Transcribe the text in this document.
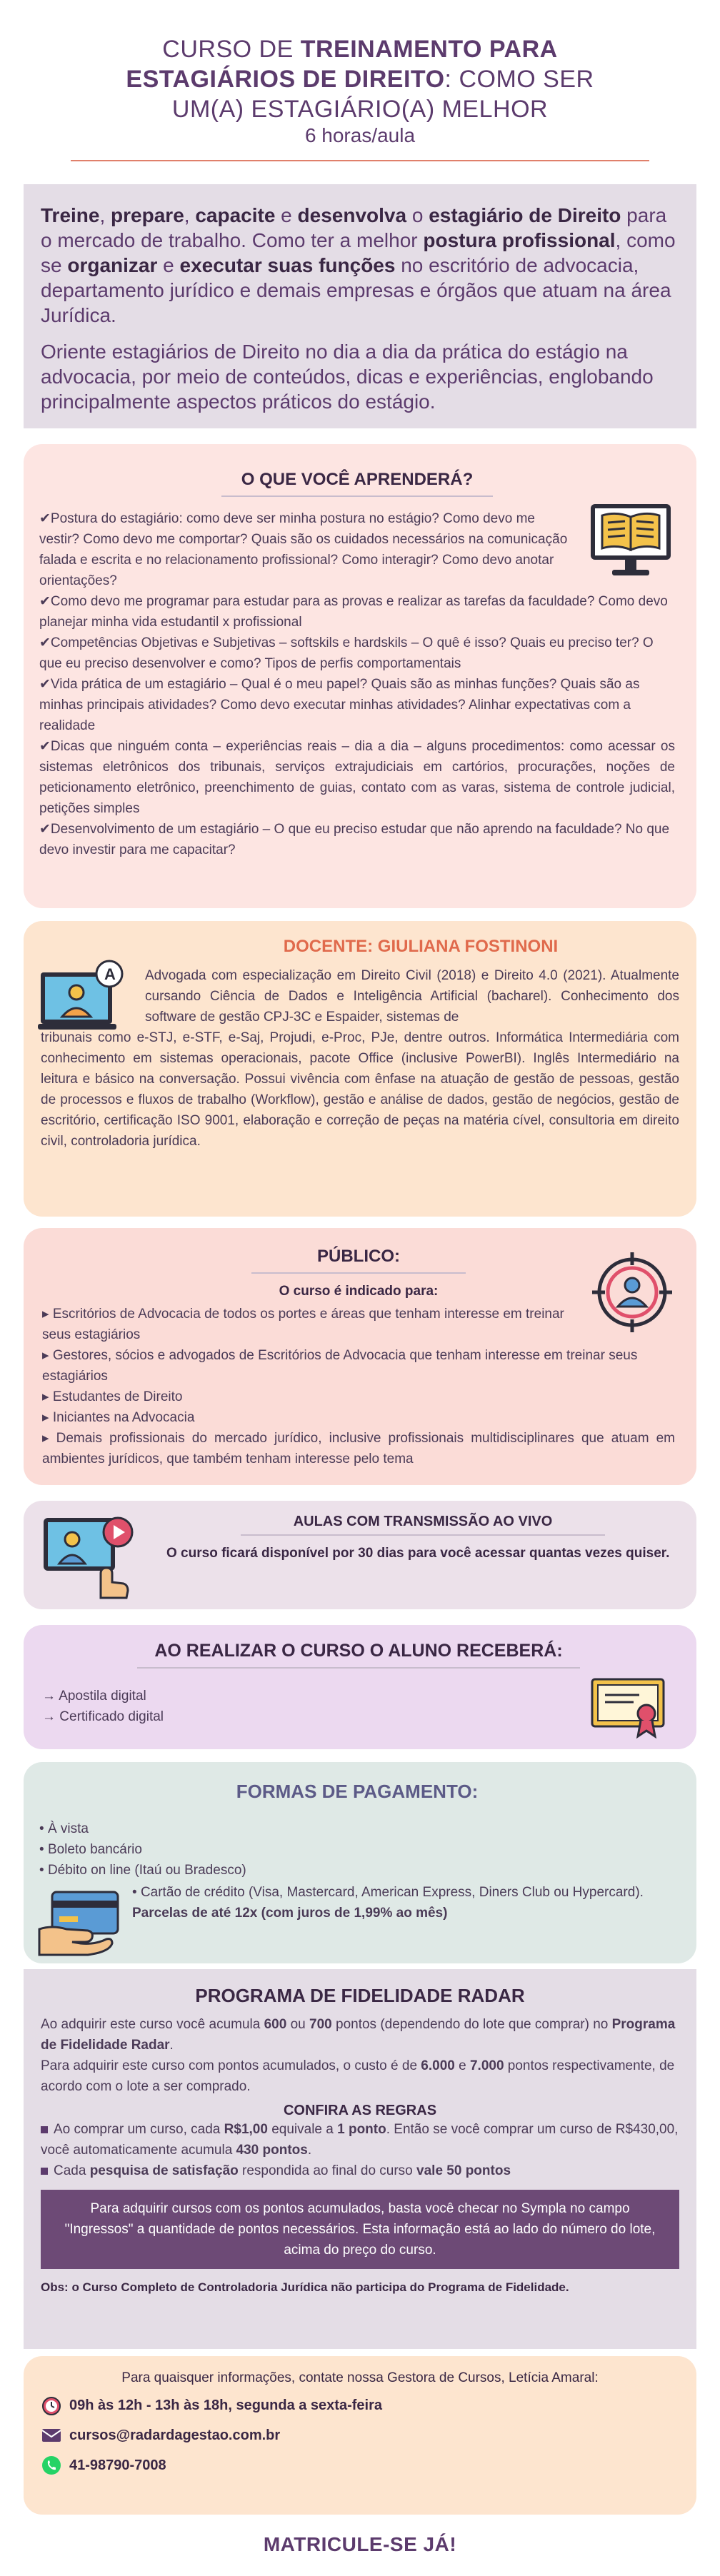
CURSO DE TREINAMENTO PARA
ESTAGIÁRIOS DE DIREITO: COMO SER
UM(A) ESTAGIÁRIO(A) MELHOR
6 horas/aula

Treine, prepare, capacite e desenvolva o estagiário de Direito para o mercado de trabalho. Como ter a melhor postura profissional, como se organizar e executar suas funções no escritório de advocacia, departamento jurídico e demais empresas e órgãos que atuam na área Jurídica.

Oriente estagiários de Direito no dia a dia da prática do estágio na advocacia, por meio de conteúdos, dicas e experiências, englobando principalmente aspectos práticos do estágio.

O QUE VOCÊ APRENDERÁ?
✔Postura do estagiário: como deve ser minha postura no estágio? Como devo me vestir? Como devo me comportar? Quais são os cuidados necessários na comunicação falada e escrita e no relacionamento profissional? Como interagir? Como devo anotar orientações?
✔Como devo me programar para estudar para as provas e realizar as tarefas da faculdade? Como devo planejar minha vida estudantil x profissional
✔Competências Objetivas e Subjetivas – softskils e hardskils – O quê é isso? Quais eu preciso ter? O que eu preciso desenvolver e como? Tipos de perfis comportamentais
✔Vida prática de um estagiário – Qual é o meu papel? Quais são as minhas funções? Quais são as minhas principais atividades? Como devo executar minhas atividades? Alinhar expectativas com a realidade
✔Dicas que ninguém conta – experiências reais – dia a dia – alguns procedimentos: como acessar os sistemas eletrônicos dos tribunais, serviços extrajudiciais em cartórios, procurações, noções de peticionamento eletrônico, preenchimento de guias, contato com as varas, sistema de controle judicial, petições simples
✔Desenvolvimento de um estagiário – O que eu preciso estudar que não aprendo na faculdade? No que devo investir para me capacitar?
DOCENTE: GIULIANA FOSTINONI
A	Advogada com especialização em Direito Civil (2018) e Direito 4.0 (2021). Atualmente cursando Ciência de Dados e Inteligência Artificial (bacharel). Conhecimento dos software de gestão CPJ-3C e Espaider, sistemas de
tribunais como e-STJ, e-STF, e-Saj, Projudi, e-Proc, PJe, dentre outros. Informática Intermediária com conhecimento em sistemas operacionais, pacote Office (inclusive PowerBI). Inglês Intermediário na leitura e básico na conversação. Possui vivência com ênfase na atuação de gestão de pessoas, gestão de processos e fluxos de trabalho (Workflow), gestão e análise de dados, gestão de negócios, gestão de escritório, certificação ISO 9001, elaboração e correção de peças na matéria cível, consultoria em direito civil, controladoria jurídica.
PÚBLICO:
O curso é indicado para:
▸ Escritórios de Advocacia de todos os portes e áreas que tenham interesse em treinar seus estagiários
▸ Gestores, sócios e advogados de Escritórios de Advocacia que tenham interesse em treinar seus estagiários
▸ Estudantes de Direito
▸ Iniciantes na Advocacia
▸ Demais profissionais do mercado jurídico, inclusive profissionais multidisciplinares que atuam em ambientes jurídicos, que também tenham interesse pelo tema
AULAS COM TRANSMISSÃO AO VIVO
O curso ficará disponível por 30 dias para você acessar quantas vezes quiser.
AO REALIZAR O CURSO O ALUNO RECEBERÁ:
→ Apostila digital
→ Certificado digital
FORMAS DE PAGAMENTO:
• À vista
• Boleto bancário
• Débito on line (Itaú ou Bradesco)
• Cartão de crédito (Visa, Mastercard, American Express, Diners Club ou Hypercard). Parcelas de até 12x (com juros de 1,99% ao mês)
PROGRAMA DE FIDELIDADE RADAR
Ao adquirir este curso você acumula 600 ou 700 pontos (dependendo do lote que comprar) no Programa de Fidelidade Radar.
Para adquirir este curso com pontos acumulados, o custo é de 6.000 e 7.000 pontos respectivamente, de acordo com o lote a ser comprado.
CONFIRA AS REGRAS
Ao comprar um curso, cada R$1,00 equivale a 1 ponto. Então se você comprar um curso de R$430,00, você automaticamente acumula 430 pontos.
Cada pesquisa de satisfação respondida ao final do curso vale 50 pontos
Para adquirir cursos com os pontos acumulados, basta você checar no Sympla no campo "Ingressos" a quantidade de pontos necessários. Esta informação está ao lado do número do lote, acima do preço do curso.
Obs: o Curso Completo de Controladoria Jurídica não participa do Programa de Fidelidade.
Para quaisquer informações, contate nossa Gestora de Cursos, Letícia Amaral:
09h às 12h - 13h às 18h, segunda a sexta-feira
cursos@radardagestao.com.br
41-98790-7008
MATRICULE-SE JÁ!
